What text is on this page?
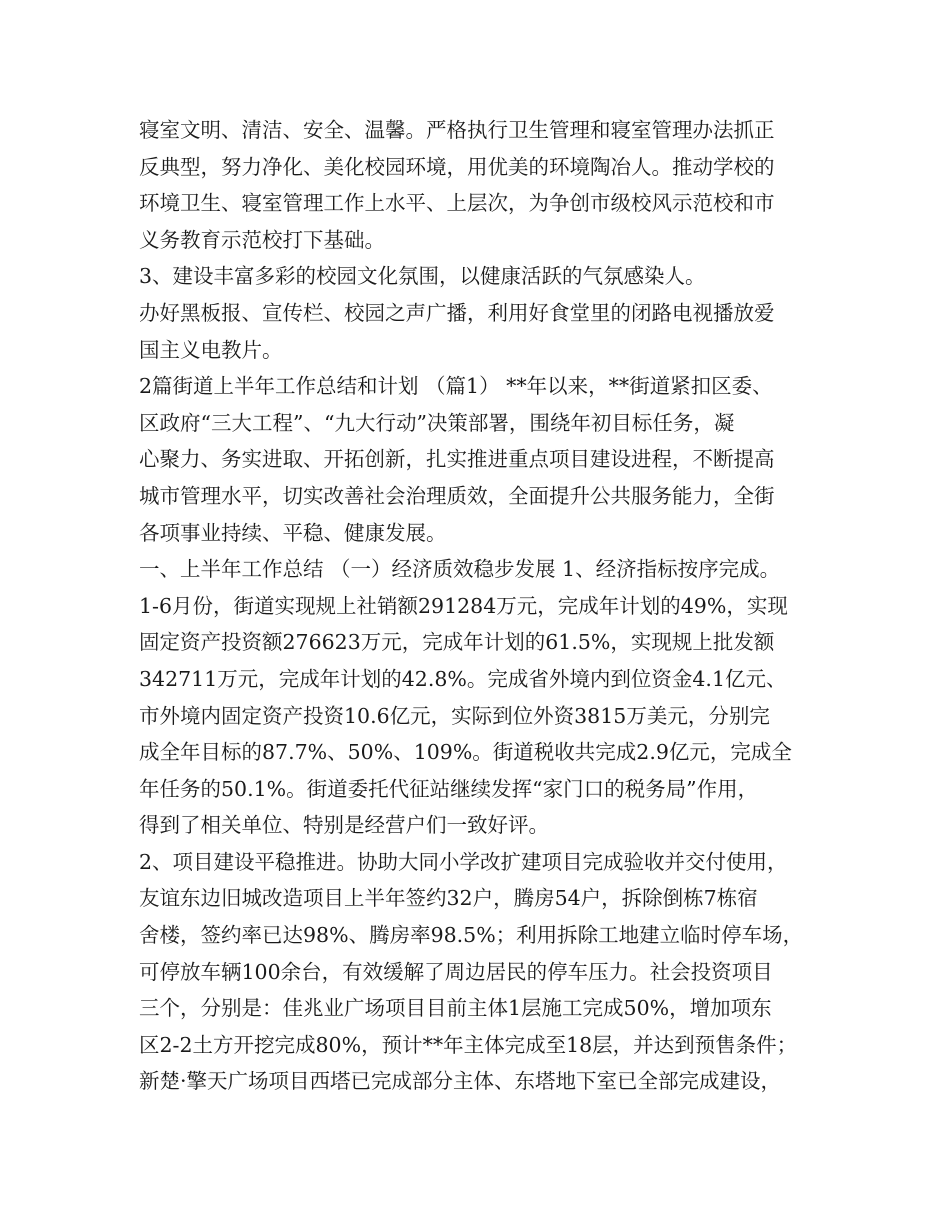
寝室文明、清洁、安全、温馨。严格执行卫生管理和寝室管理办法抓正
反典型，努力净化、美化校园环境，用优美的环境陶冶人。推动学校的
环境卫生、寝室管理工作上水平、上层次，为争创市级校风示范校和市
义务教育示范校打下基础。
3、建设丰富多彩的校园文化氛围，以健康活跃的气氛感染人。
办好黑板报、宣传栏、校园之声广播，利用好食堂里的闭路电视播放爱
国主义电教片。
2篇街道上半年工作总结和计划 （篇1） **年以来，**街道紧扣区委、
区政府“三大工程”、“九大行动”决策部署，围绕年初目标任务，凝
心聚力、务实进取、开拓创新，扎实推进重点项目建设进程，不断提高
城市管理水平，切实改善社会治理质效，全面提升公共服务能力，全街
各项事业持续、平稳、健康发展。
一、上半年工作总结 （一）经济质效稳步发展 1、经济指标按序完成。
1-6月份，街道实现规上社销额291284万元，完成年计划的49%，实现
固定资产投资额276623万元，完成年计划的61.5%，实现规上批发额
342711万元，完成年计划的42.8%。完成省外境内到位资金4.1亿元、
市外境内固定资产投资10.6亿元，实际到位外资3815万美元，分别完
成全年目标的87.7%、50%、109%。街道税收共完成2.9亿元，完成全
年任务的50.1%。街道委托代征站继续发挥“家门口的税务局”作用，
得到了相关单位、特别是经营户们一致好评。
2、项目建设平稳推进。协助大同小学改扩建项目完成验收并交付使用，
友谊东边旧城改造项目上半年签约32户，腾房54户，拆除倒栋7栋宿
舍楼，签约率已达98%、腾房率98.5%；利用拆除工地建立临时停车场，
可停放车辆100余台，有效缓解了周边居民的停车压力。社会投资项目
三个，分别是：佳兆业广场项目目前主体1层施工完成50%，增加项东
区2-2土方开挖完成80%，预计**年主体完成至18层，并达到预售条件；
新楚·擎天广场项目西塔已完成部分主体、东塔地下室已全部完成建设，
